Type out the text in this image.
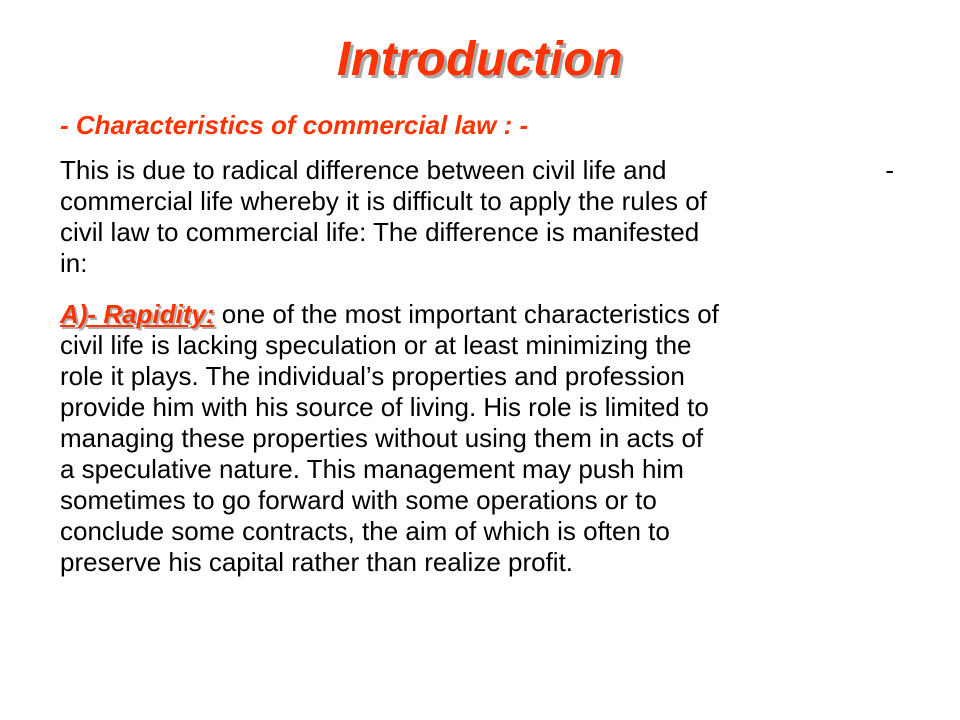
Introduction
- Characteristics of commercial law : -
This is due to radical difference between civil life and	-
commercial life whereby it is difficult to apply the rules of
civil law to commercial life: The difference is manifested
in:
A)- Rapidity: one of the most important characteristics of
civil life is lacking speculation or at least minimizing the
role it plays. The individual’s properties and profession
provide him with his source of living. His role is limited to
managing these properties without using them in acts of
a speculative nature. This management may push him
sometimes to go forward with some operations or to
conclude some contracts, the aim of which is often to
preserve his capital rather than realize profit.
